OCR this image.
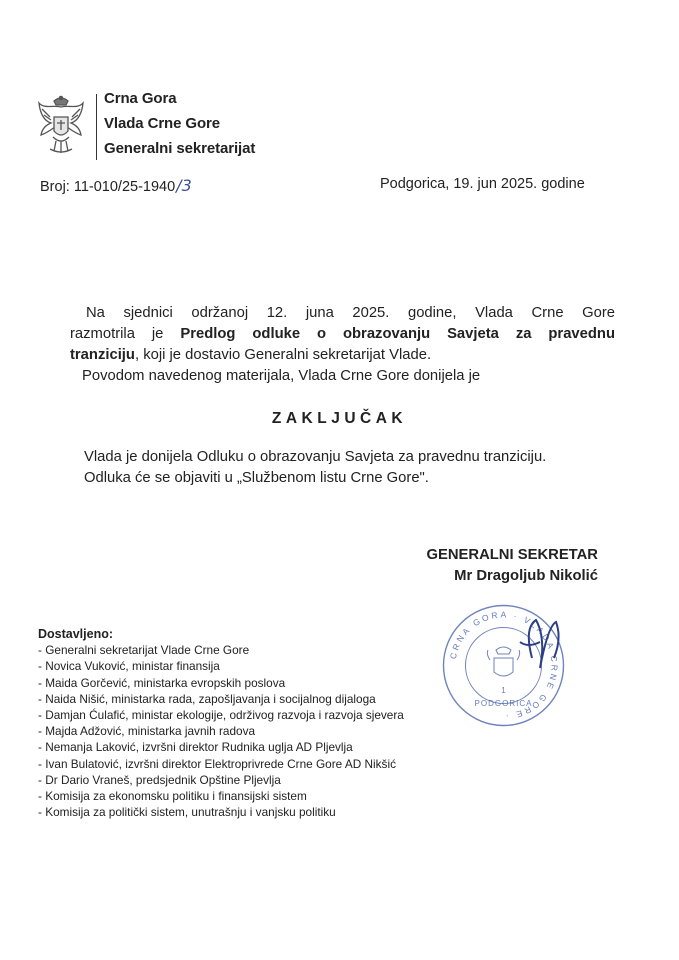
Crna Gora
Vlada Crne Gore
Generalni sekretarijat
Broj: 11-010/25-1940/3	Podgorica, 19. jun 2025. godine
Na sjednici održanoj 12. juna 2025. godine, Vlada Crne Gore
razmotrila je Predlog odluke o obrazovanju Savjeta za pravednu
tranziciju, koji je dostavio Generalni sekretarijat Vlade.
Povodom navedenog materijala, Vlada Crne Gore donijela je
ZAKLJUČAK
Vlada je donijela Odluku o obrazovanju Savjeta za pravednu tranziciju.
Odluka će se objaviti u „Službenom listu Crne Gore".
GENERALNI SEKRETAR
Mr Dragoljub Nikolić
Dostavljeno:
- Generalni sekretarijat Vlade Crne Gore
- Novica Vuković, ministar finansija
- Maida Gorčević, ministarka evropskih poslova
- Naida Nišić, ministarka rada, zapošljavanja i socijalnog dijaloga
- Damjan Ćulafić, ministar ekologije, održivog razvoja i razvoja sjevera
- Majda Adžović, ministarka javnih radova
- Nemanja Laković, izvršni direktor Rudnika uglja AD Pljevlja
- Ivan Bulatović, izvršni direktor Elektroprivrede Crne Gore AD Nikšić
- Dr Dario Vraneš, predsjednik Opštine Pljevlja
- Komisija za ekonomsku politiku i finansijski sistem
- Komisija za politički sistem, unutrašnju i vanjsku politiku
CRNA GORA · VLADA CRNE GORE ·
1
PODGORICA
